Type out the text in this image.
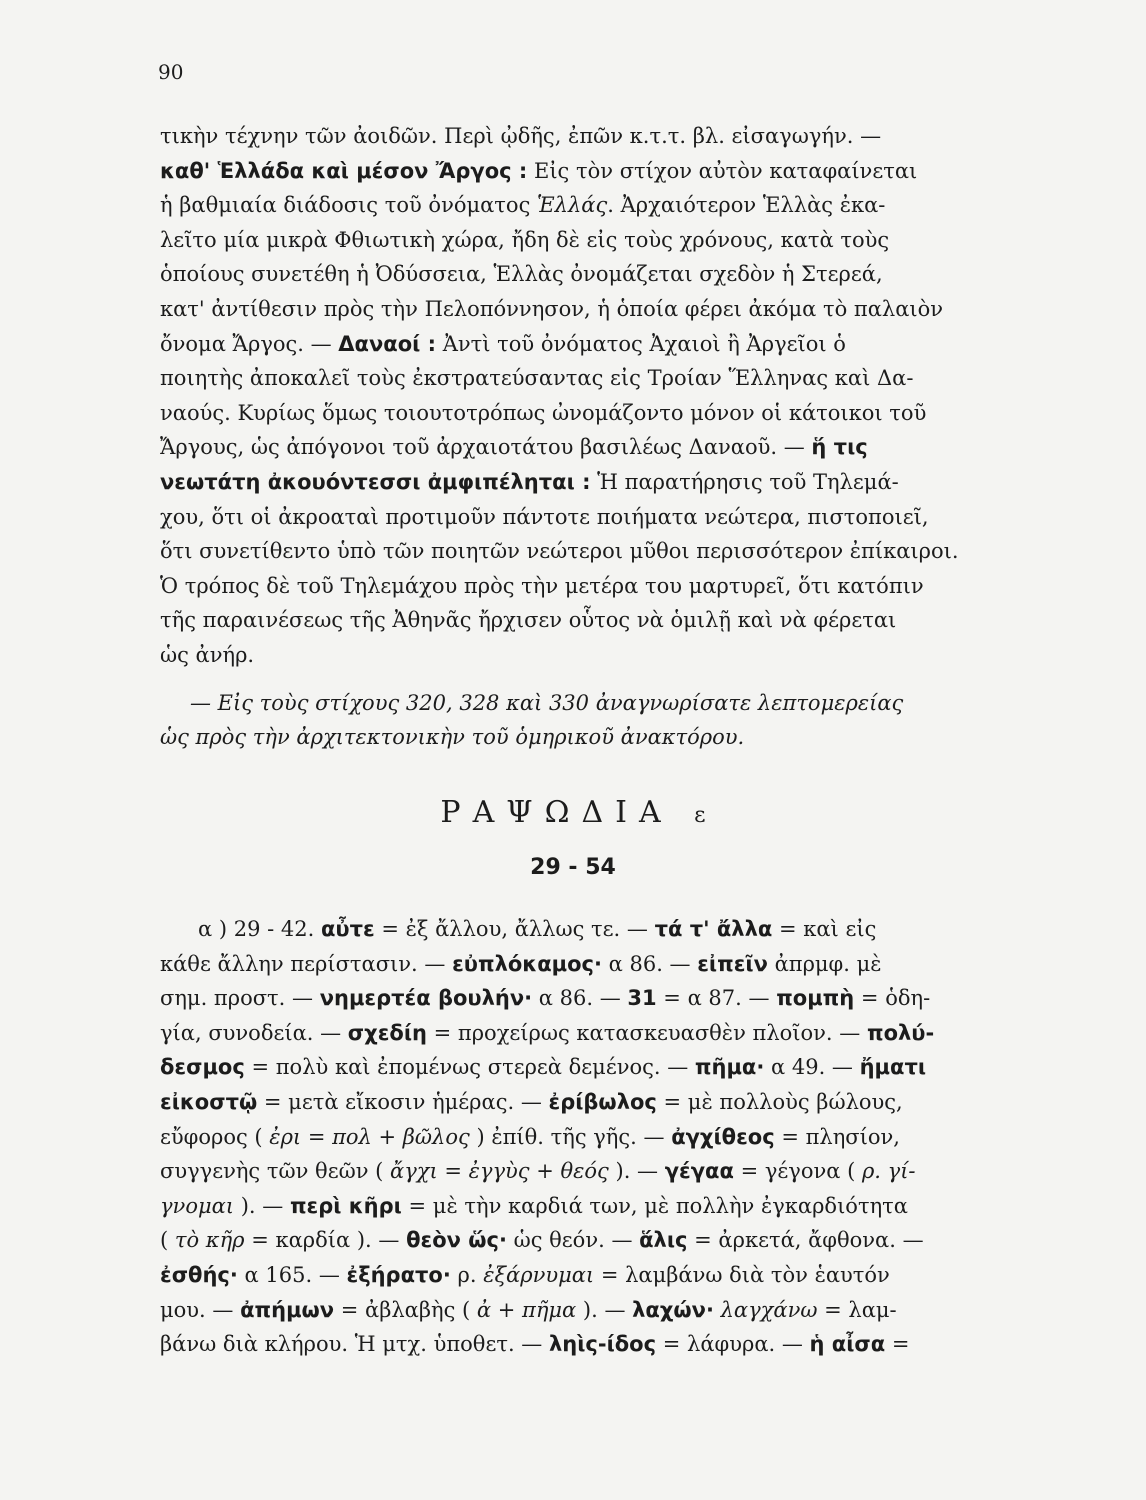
90
τικὴν τέχνην τῶν ἀοιδῶν. Περὶ ᾠδῆς, ἐπῶν κ.τ.τ. βλ. εἰσαγωγήν. —
καθ' Ἑλλάδα καὶ μέσον Ἄργος : Εἰς τὸν στίχον αὐτὸν καταφαίνεται
ἡ βαθμιαία διάδοσις τοῦ ὀνόματος Ἑλλάς. Ἀρχαιότερον Ἑλλὰς ἐκα-
λεῖτο μία μικρὰ Φθιωτικὴ χώρα, ἤδη δὲ εἰς τοὺς χρόνους, κατὰ τοὺς
ὁποίους συνετέθη ἡ Ὀδύσσεια, Ἑλλὰς ὀνομάζεται σχεδὸν ἡ Στερεά,
κατ' ἀντίθεσιν πρὸς τὴν Πελοπόννησον, ἡ ὁποία φέρει ἀκόμα τὸ παλαιὸν
ὄνομα Ἄργος. — Δαναοί : Ἀντὶ τοῦ ὀνόματος Ἀχαιοὶ ἢ Ἀργεῖοι ὁ
ποιητὴς ἀποκαλεῖ τοὺς ἐκστρατεύσαντας εἰς Τροίαν Ἕλληνας καὶ Δα-
ναούς. Κυρίως ὅμως τοιουτοτρόπως ὠνομάζοντο μόνον οἱ κάτοικοι τοῦ
Ἄργους, ὡς ἀπόγονοι τοῦ ἀρχαιοτάτου βασιλέως Δαναοῦ. — ἥ τις
νεωτάτη ἀκουόντεσσι ἀμφιπέληται : Ἡ παρατήρησις τοῦ Τηλεμά-
χου, ὅτι οἱ ἀκροαταὶ προτιμοῦν πάντοτε ποιήματα νεώτερα, πιστοποιεῖ,
ὅτι συνετίθεντο ὑπὸ τῶν ποιητῶν νεώτεροι μῦθοι περισσότερον ἐπίκαιροι.
Ὁ τρόπος δὲ τοῦ Τηλεμάχου πρὸς τὴν μετέρα του μαρτυρεῖ, ὅτι κατόπιν
τῆς παραινέσεως τῆς Ἀθηνᾶς ἤρχισεν οὗτος νὰ ὁμιλῇ καὶ νὰ φέρεται
ὡς ἀνήρ.
— Εἰς τοὺς στίχους 320, 328 καὶ 330 ἀναγνωρίσατε λεπτομερείας
ὡς πρὸς τὴν ἀρχιτεκτονικὴν τοῦ ὁμηρικοῦ ἀνακτόρου.
ΡΑΨΩΔΙΑ ε
29 - 54
α ) 29 - 42. αὖτε = ἐξ ἄλλου, ἄλλως τε. — τά τ' ἄλλα = καὶ εἰς
κάθε ἄλλην περίστασιν. — εὐπλόκαμος· α 86. — εἰπεῖν ἀπρμφ. μὲ
σημ. προστ. — νημερτέα βουλήν· α 86. — 31 = α 87. — πομπὴ = ὁδη-
γία, συνοδεία. — σχεδίη = προχείρως κατασκευασθὲν πλοῖον. — πολύ-
δεσμος = πολὺ καὶ ἐπομένως στερεὰ δεμένος. — πῆμα· α 49. — ἤματι
εἰκοστῷ = μετὰ εἴκοσιν ἡμέρας. — ἐρίβωλος = μὲ πολλοὺς βώλους,
εὔφορος ( ἐρι = πολ + βῶλος ) ἐπίθ. τῆς γῆς. — ἀγχίθεος = πλησίον,
συγγενὴς τῶν θεῶν ( ἄγχι = ἐγγὺς + θεός ). — γέγαα = γέγονα ( ρ. γί-
γνομαι ). — περὶ κῆρι = μὲ τὴν καρδιά των, μὲ πολλὴν ἐγκαρδιότητα
( τὸ κῆρ = καρδία ). — θεὸν ὥς· ὡς θεόν. — ἅλις = ἀρκετά, ἄφθονα. —
ἐσθής· α 165. — ἐξήρατο· ρ. ἐξάρνυμαι = λαμβάνω διὰ τὸν ἑαυτόν
μου. — ἀπήμων = ἀβλαβὴς ( ἀ + πῆμα ). — λαχών· λαγχάνω = λαμ-
βάνω διὰ κλήρου. Ἡ μτχ. ὑποθετ. — ληὶς-ίδος = λάφυρα. — ἡ αἶσα =
